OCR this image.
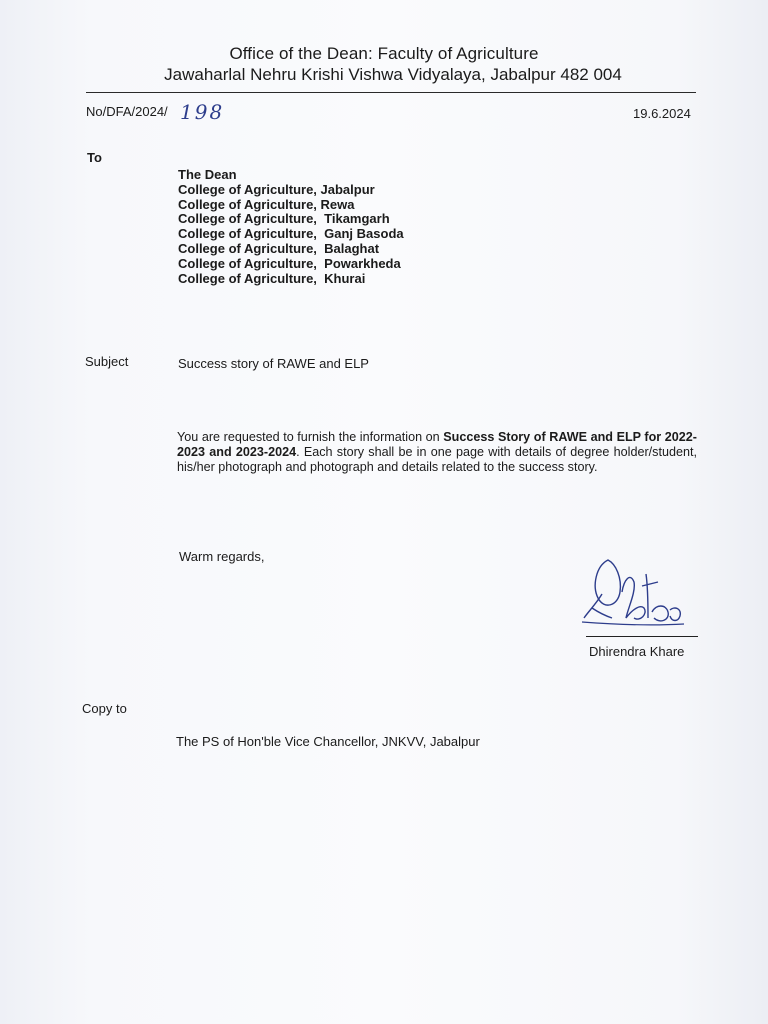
Office of the Dean: Faculty of Agriculture
Jawaharlal Nehru Krishi Vishwa Vidyalaya, Jabalpur 482 004
No/DFA/2024/ 198	19.6.2024
To
The Dean
College of Agriculture, Jabalpur
College of Agriculture, Rewa
College of Agriculture,  Tikamgarh
College of Agriculture,  Ganj Basoda
College of Agriculture,  Balaghat
College of Agriculture,  Powarkheda
College of Agriculture,  Khurai
Subject	Success story of RAWE and ELP
You are requested to furnish the information on Success Story of RAWE and ELP for 2022-2023 and 2023-2024. Each story shall be in one page with details of degree holder/student, his/her photograph and photograph and details related to the success story.
Warm regards,
Dhirendra Khare
Copy to
The PS of Hon'ble Vice Chancellor, JNKVV, Jabalpur
